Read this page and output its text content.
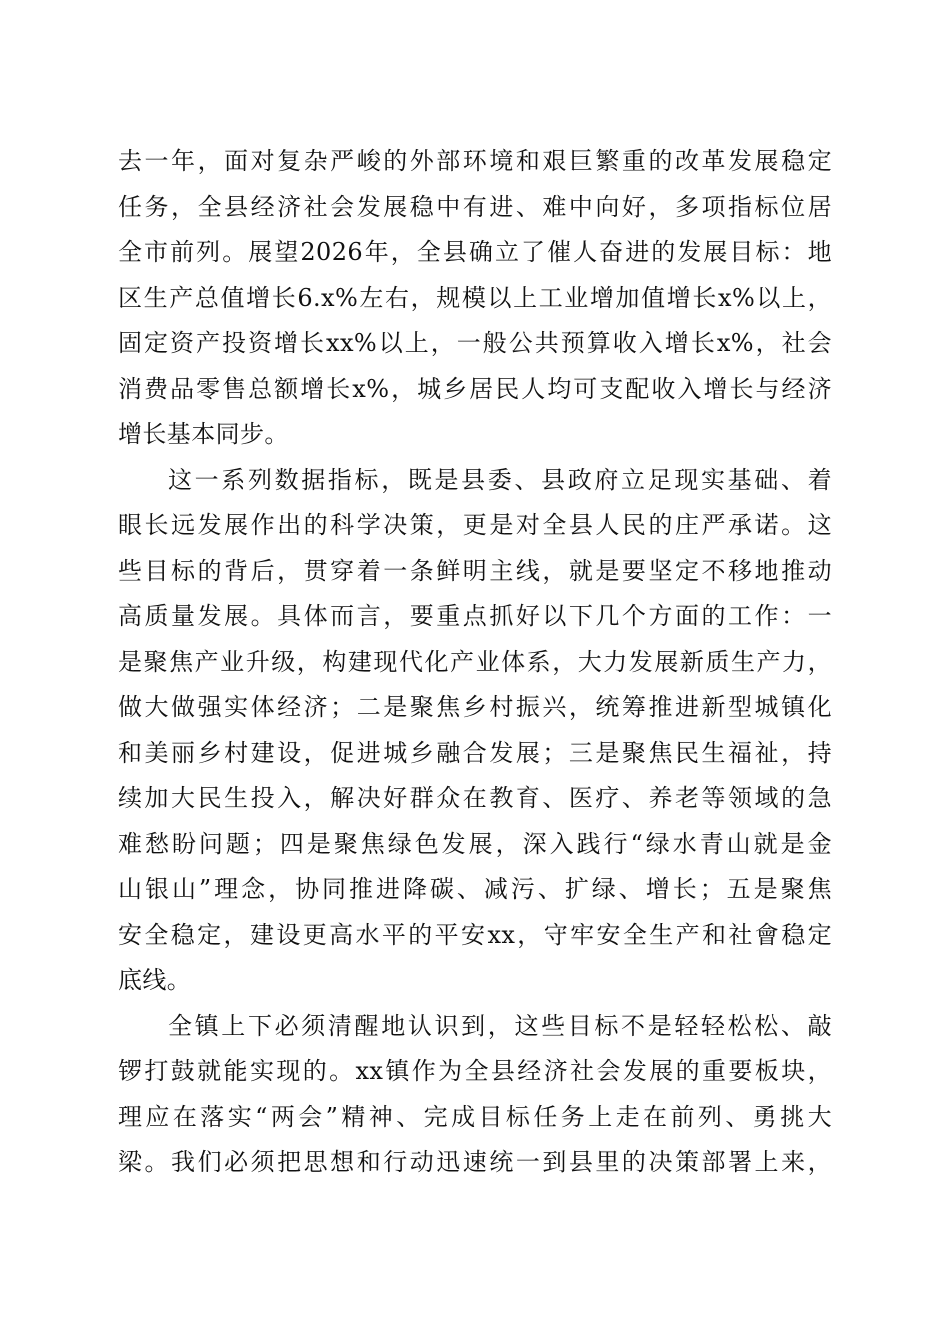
去一年，面对复杂严峻的外部环境和艰巨繁重的改革发展稳定
任务，全县经济社会发展稳中有进、难中向好，多项指标位居
全市前列。展望2026年，全县确立了催人奋进的发展目标：地
区生产总值增长6.x%左右，规模以上工业增加值增长x%以上，
固定资产投资增长xx%以上，一般公共预算收入增长x%，社会
消费品零售总额增长x%，城乡居民人均可支配收入增长与经济
增长基本同步。
这一系列数据指标，既是县委、县政府立足现实基础、着
眼长远发展作出的科学决策，更是对全县人民的庄严承诺。这
些目标的背后，贯穿着一条鲜明主线，就是要坚定不移地推动
高质量发展。具体而言，要重点抓好以下几个方面的工作：一
是聚焦产业升级，构建现代化产业体系，大力发展新质生产力，
做大做强实体经济；二是聚焦乡村振兴，统筹推进新型城镇化
和美丽乡村建设，促进城乡融合发展；三是聚焦民生福祉，持
续加大民生投入，解决好群众在教育、医疗、养老等领域的急
难愁盼问题；四是聚焦绿色发展，深入践行“绿水青山就是金
山银山”理念，协同推进降碳、减污、扩绿、增长；五是聚焦
安全稳定，建设更高水平的平安xx，守牢安全生产和社會稳定
底线。
全镇上下必须清醒地认识到，这些目标不是轻轻松松、敲
锣打鼓就能实现的。xx镇作为全县经济社会发展的重要板块，
理应在落实“两会”精神、完成目标任务上走在前列、勇挑大
梁。我们必须把思想和行动迅速统一到县里的决策部署上来，
